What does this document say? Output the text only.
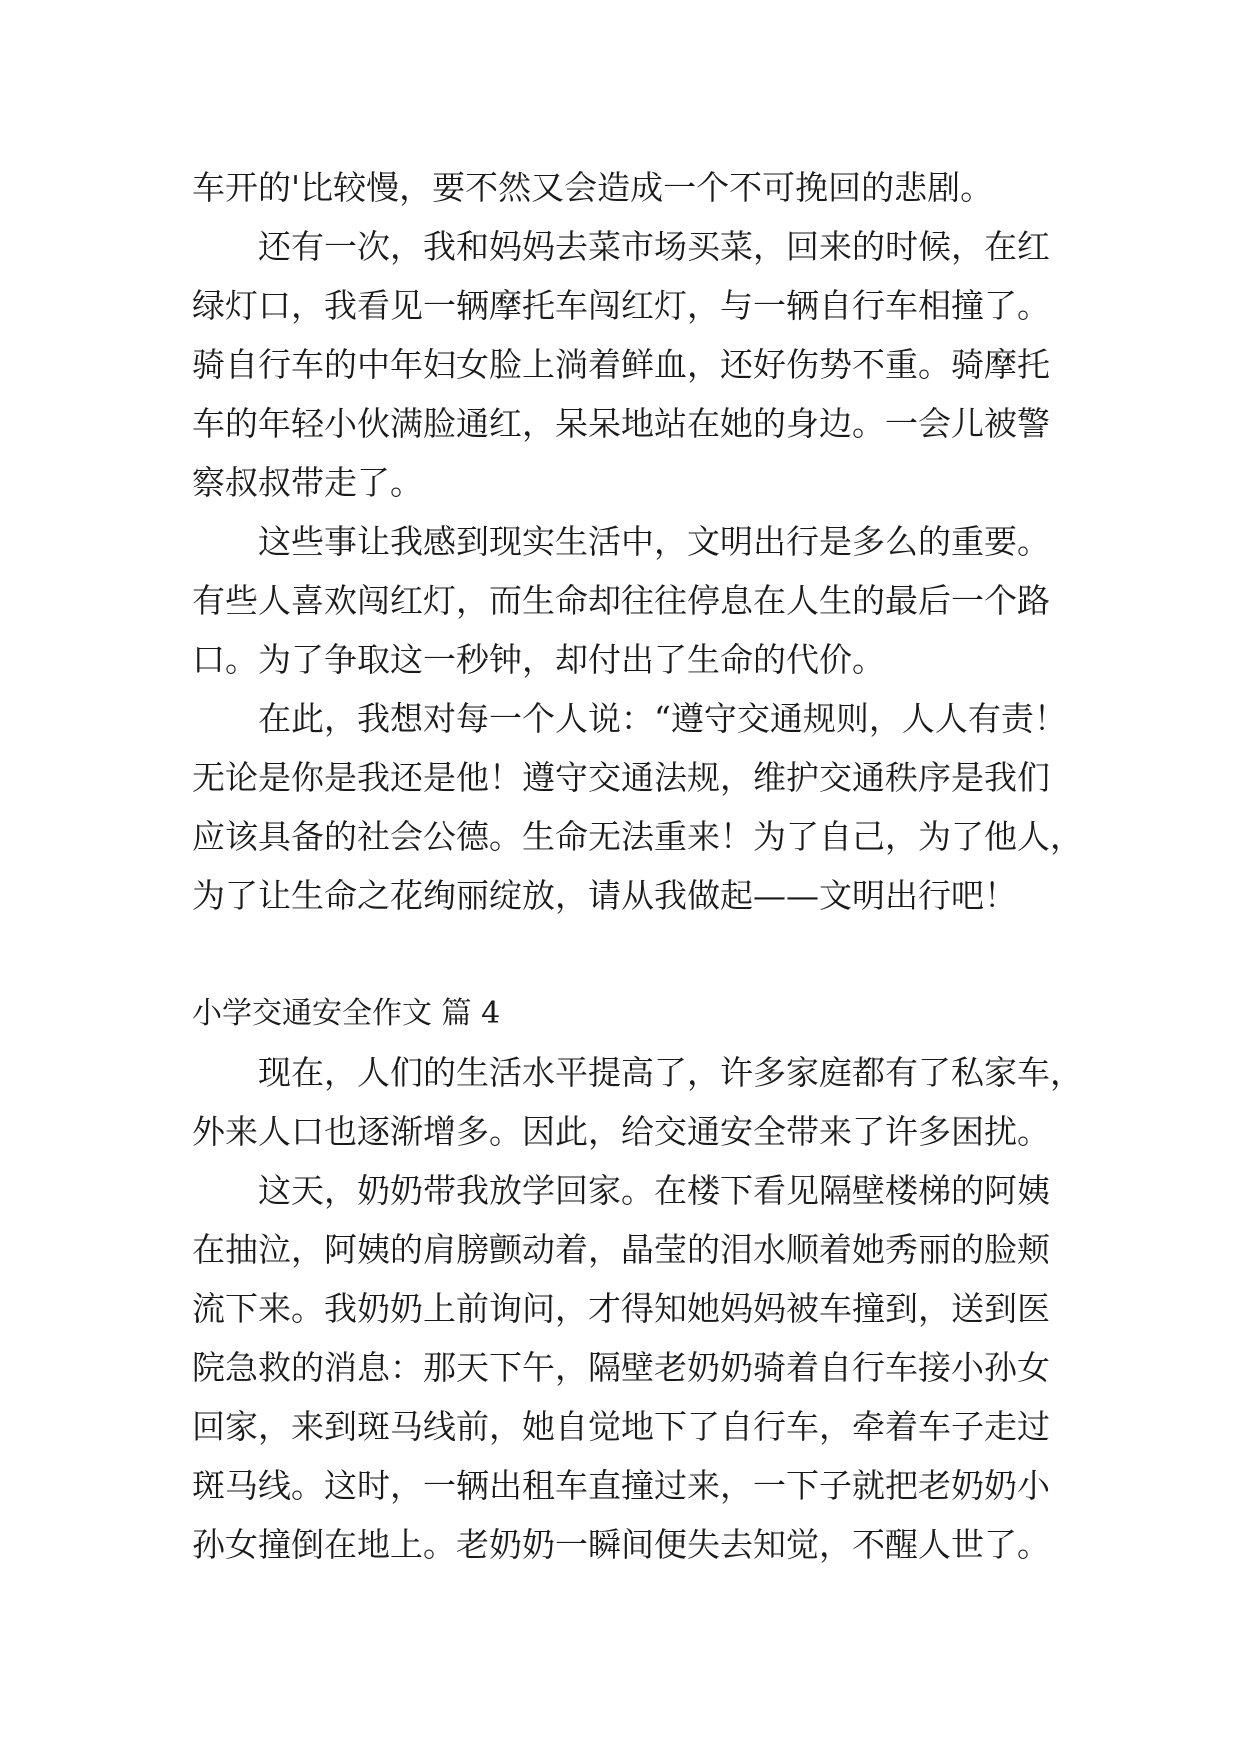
车开的'比较慢，要不然又会造成一个不可挽回的悲剧。
还有一次，我和妈妈去菜市场买菜，回来的时候，在红
绿灯口，我看见一辆摩托车闯红灯，与一辆自行车相撞了。
骑自行车的中年妇女脸上淌着鲜血，还好伤势不重。骑摩托
车的年轻小伙满脸通红，呆呆地站在她的身边。一会儿被警
察叔叔带走了。
这些事让我感到现实生活中，文明出行是多么的重要。
有些人喜欢闯红灯，而生命却往往停息在人生的最后一个路
口。为了争取这一秒钟，却付出了生命的代价。
在此，我想对每一个人说：“遵守交通规则，人人有责！
无论是你是我还是他！遵守交通法规，维护交通秩序是我们
应该具备的社会公德。生命无法重来！为了自己，为了他人，
为了让生命之花绚丽绽放，请从我做起——文明出行吧！
小学交通安全作文 篇 4
现在，人们的生活水平提高了，许多家庭都有了私家车，
外来人口也逐渐增多。因此，给交通安全带来了许多困扰。
这天，奶奶带我放学回家。在楼下看见隔壁楼梯的阿姨
在抽泣，阿姨的肩膀颤动着，晶莹的泪水顺着她秀丽的脸颊
流下来。我奶奶上前询问，才得知她妈妈被车撞到，送到医
院急救的消息：那天下午，隔壁老奶奶骑着自行车接小孙女
回家，来到斑马线前，她自觉地下了自行车，牵着车子走过
斑马线。这时，一辆出租车直撞过来，一下子就把老奶奶小
孙女撞倒在地上。老奶奶一瞬间便失去知觉，不醒人世了。
